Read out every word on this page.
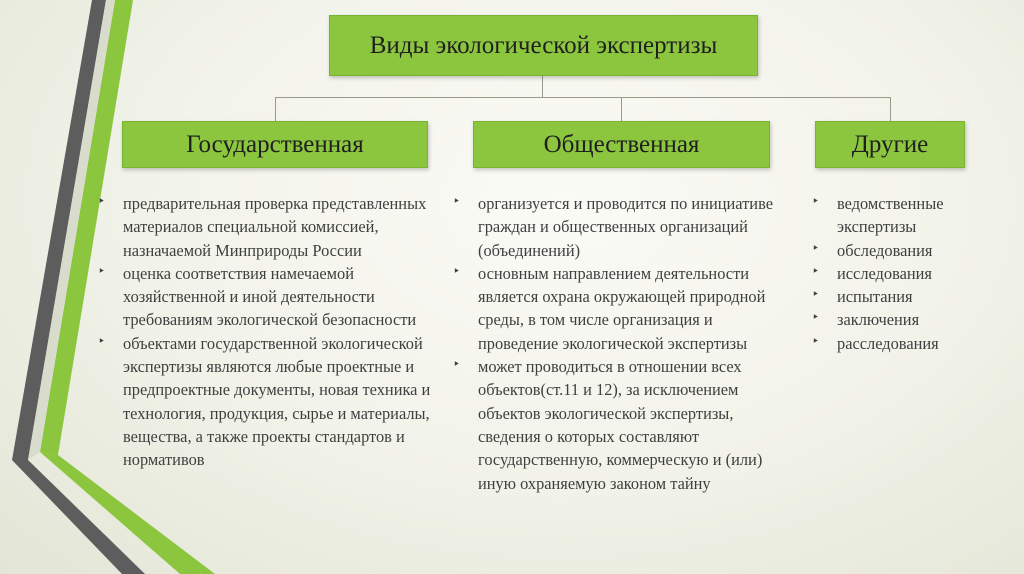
Виды экологической экспертизы
Государственная	Общественная	Другие
‣ предварительная проверка представленных материалов специальной комиссией, назначаемой Минприроды России
‣ оценка соответствия намечаемой хозяйственной и иной деятельности требованиям экологической безопасности
‣ объектами государственной экологической экспертизы являются любые проектные и предпроектные документы, новая техника и технология, продукция, сырье и материалы, вещества, а также проекты стандартов и нормативов
‣ организуется и проводится по инициативе граждан и общественных организаций (объединений)
‣ основным направлением деятельности является охрана окружающей природной среды, в том числе организация и проведение экологической экспертизы
‣ может проводиться в отношении всех объектов(ст.11 и 12), за исключением объектов экологической экспертизы, сведения о которых составляют государственную, коммерческую и (или) иную охраняемую законом тайну
‣ ведомственные экспертизы
‣ обследования
‣ исследования
‣ испытания
‣ заключения
‣ расследования
